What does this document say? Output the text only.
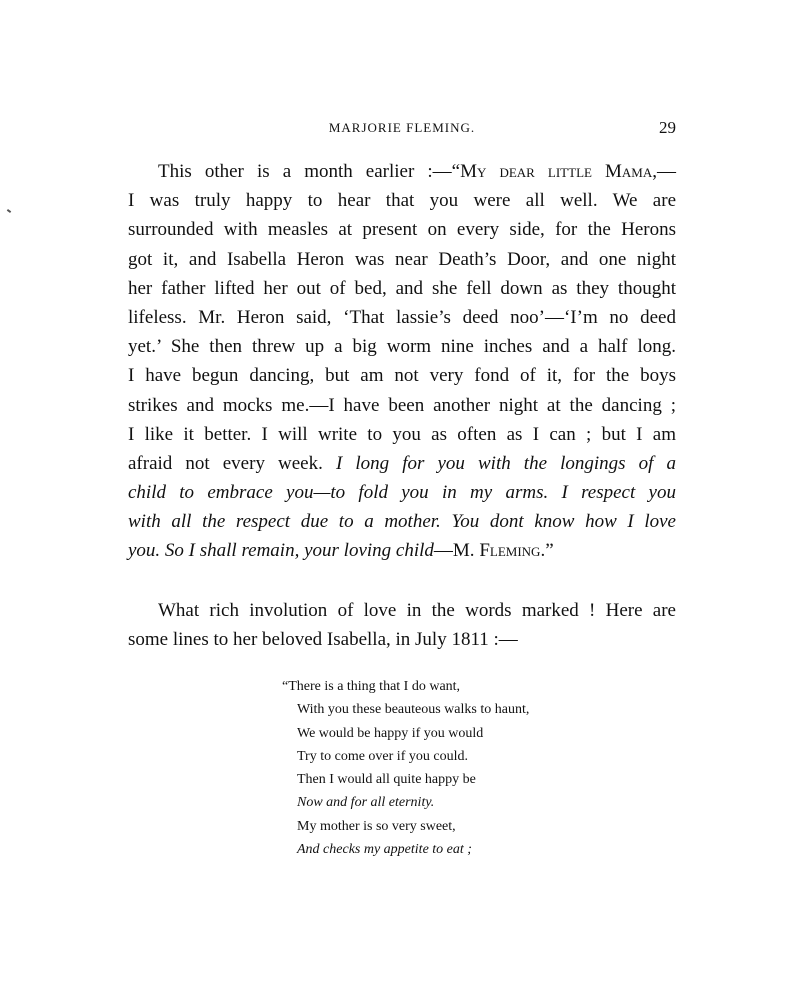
MARJORIE FLEMING.	29
This other is a month earlier :—“My dear little Mama,—
I was truly happy to hear that you were all well. We are
surrounded with measles at present on every side, for the Herons
got it, and Isabella Heron was near Death’s Door, and one night
her father lifted her out of bed, and she fell down as they thought
lifeless. Mr. Heron said, ‘That lassie’s deed noo’—‘I’m no deed
yet.’ She then threw up a big worm nine inches and a half long.
I have begun dancing, but am not very fond of it, for the boys
strikes and mocks me.—I have been another night at the dancing ;
I like it better. I will write to you as often as I can ; but I am
afraid not every week. I long for you with the longings of a
child to embrace you—to fold you in my arms. I respect you
with all the respect due to a mother. You dont know how I love
you. So I shall remain, your loving child—M. Fleming.”
What rich involution of love in the words marked ! Here are
some lines to her beloved Isabella, in July 1811 :—
“There is a thing that I do want,
With you these beauteous walks to haunt,
We would be happy if you would
Try to come over if you could.
Then I would all quite happy be
Now and for all eternity.
My mother is so very sweet,
And checks my appetite to eat ;
